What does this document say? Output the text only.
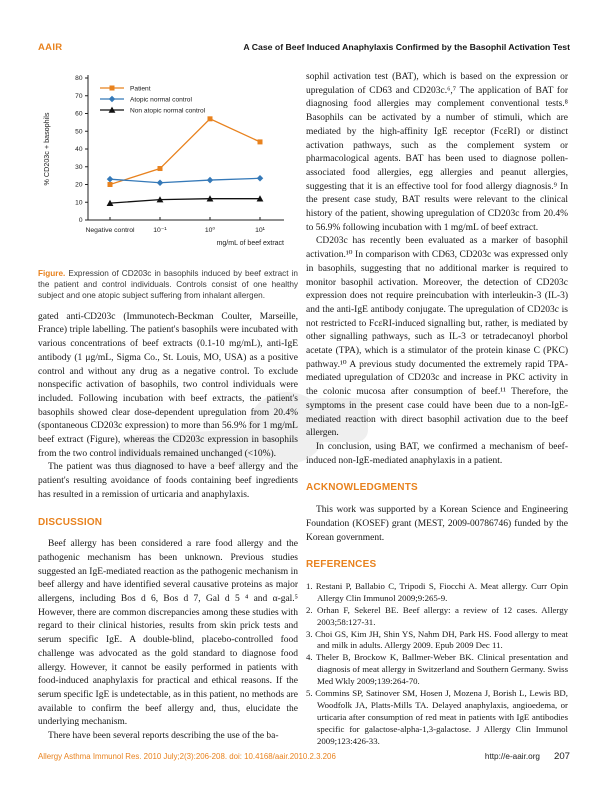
AAIR	A Case of Beef Induced Anaphylaxis Confirmed by the Basophil Activation Test
0
10
20
30
40
50
60
70
80
Negative control	10⁻¹	10⁰	10¹
mg/mL of beef extract
% CD203c + basophils
Patient
Atopic normal control
Non atopic normal control

Figure. Expression of CD203c in basophils induced by beef extract in the patient and control individuals. Controls consist of one healthy subject and one atopic subject suffering from inhalant allergen.

gated anti-CD203c (Immunotech-Beckman Coulter, Marseille, France) triple labelling. The patient's basophils were incubated with various concentrations of beef extracts (0.1-10 mg/mL), anti-IgE antibody (1 μg/mL, Sigma Co., St. Louis, MO, USA) as a positive control and without any drug as a negative control. To exclude nonspecific activation of basophils, two control individuals were included. Following incubation with beef extracts, the patient's basophils showed clear dose-dependent upregulation from 20.4% (spontaneous CD203c expression) to more than 56.9% for 1 mg/mL beef extract (Figure), whereas the CD203c expression in basophils from the two control individuals remained unchanged (<10%).

The patient was thus diagnosed to have a beef allergy and the patient's resulting avoidance of foods containing beef ingredients has resulted in a remission of urticaria and anaphylaxis.

DISCUSSION

Beef allergy has been considered a rare food allergy and the pathogenic mechanism has been unknown. Previous studies suggested an IgE-mediated reaction as the pathogenic mechanism in beef allergy and have identified several causative proteins as major allergens, including Bos d 6, Bos d 7, Gal d 5 ⁴ and α-gal.⁵ However, there are common discrepancies among these studies with regard to their clinical histories, results from skin prick tests and serum specific IgE. A double-blind, placebo-controlled food challenge was advocated as the gold standard to diagnose food allergy. However, it cannot be easily performed in patients with food-induced anaphylaxis for practical and ethical reasons. If the serum specific IgE is undetectable, as in this patient, no methods are available to confirm the beef allergy and, thus, elucidate the underlying mechanism.

There have been several reports describing the use of the ba-

sophil activation test (BAT), which is based on the expression or upregulation of CD63 and CD203c.⁶,⁷ The application of BAT for diagnosing food allergies may complement conventional tests.⁸ Basophils can be activated by a number of stimuli, which are mediated by the high-affinity IgE receptor (FcεRI) or distinct activation pathways, such as the complement system or pharmacological agents. BAT has been used to diagnose pollen-associated food allergies, egg allergies and peanut allergies, suggesting that it is an effective tool for food allergy diagnosis.⁹ In the present case study, BAT results were relevant to the clinical history of the patient, showing upregulation of CD203c from 20.4% to 56.9% following incubation with 1 mg/mL of beef extract.

CD203c has recently been evaluated as a marker of basophil activation.¹⁰ In comparison with CD63, CD203c was expressed only in basophils, suggesting that no additional marker is required to monitor basophil activation. Moreover, the detection of CD203c expression does not require preincubation with interleukin-3 (IL-3) and the anti-IgE antibody conjugate. The upregulation of CD203c is not restricted to FcεRI-induced signalling but, rather, is mediated by other signalling pathways, such as IL-3 or tetradecanoyl phorbol acetate (TPA), which is a stimulator of the protein kinase C (PKC) pathway.¹⁰ A previous study documented the extremely rapid TPA-mediated upregulation of CD203c and increase in PKC activity in the colonic mucosa after consumption of beef.¹¹ Therefore, the symptoms in the present case could have been due to a non-IgE-mediated reaction with direct basophil activation due to the beef allergen.

In conclusion, using BAT, we confirmed a mechanism of beef-induced non-IgE-mediated anaphylaxis in a patient.

ACKNOWLEDGMENTS

This work was supported by a Korean Science and Engineering Foundation (KOSEF) grant (MEST, 2009-00786746) funded by the Korean government.

REFERENCES

1. Restani P, Ballabio C, Tripodi S, Fiocchi A. Meat allergy. Curr Opin Allergy Clin Immunol 2009;9:265-9.

2. Orhan F, Sekerel BE. Beef allergy: a review of 12 cases. Allergy 2003;58:127-31.

3. Choi GS, Kim JH, Shin YS, Nahm DH, Park HS. Food allergy to meat and milk in adults. Allergy 2009. Epub 2009 Dec 11.

4. Theler B, Brockow K, Ballmer-Weber BK. Clinical presentation and diagnosis of meat allergy in Switzerland and Southern Germany. Swiss Med Wkly 2009;139:264-70.

5. Commins SP, Satinover SM, Hosen J, Mozena J, Borish L, Lewis BD, Woodfolk JA, Platts-Mills TA. Delayed anaphylaxis, angioedema, or urticaria after consumption of red meat in patients with IgE antibodies specific for galactose-alpha-1,3-galactose. J Allergy Clin Immunol 2009;123:426-33.

Allergy Asthma Immunol Res. 2010 July;2(3):206-208. doi: 10.4168/aair.2010.2.3.206	http://e-aair.org 207
